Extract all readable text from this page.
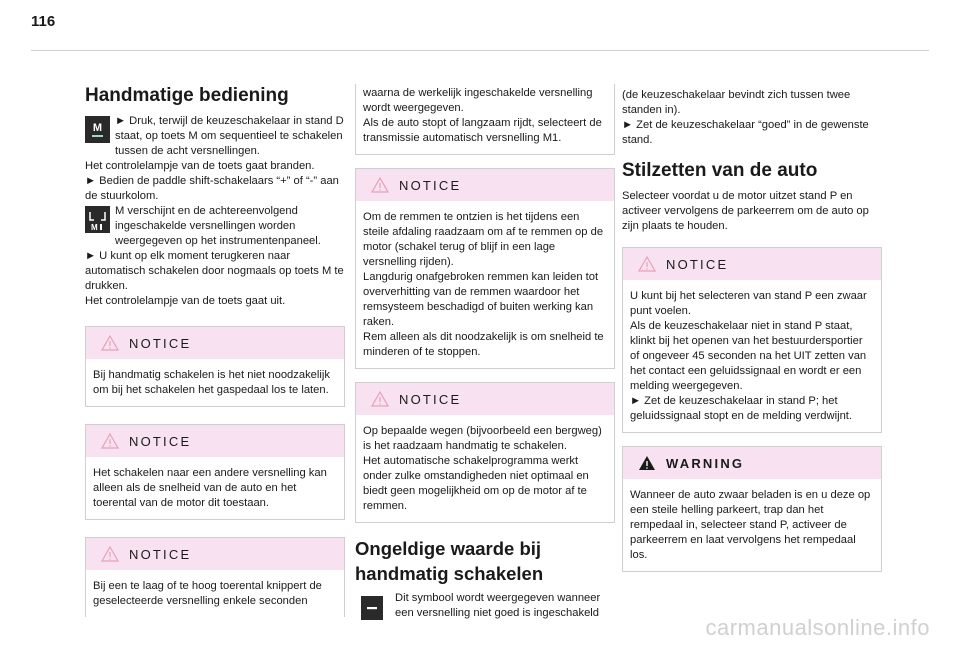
116
Handmatige bediening
M

► Druk, terwijl de keuzeschakelaar in stand D staat, op toets M om sequentieel te schakelen tussen de acht versnellingen.

Het controlelampje van de toets gaat branden.

► Bedien de paddle shift-schakelaars “+” of “-” aan de stuurkolom.

M

M verschijnt en de achtereenvolgend ingeschakelde versnellingen worden weergegeven op het instrumentenpaneel.

► U kunt op elk moment terugkeren naar automatisch schakelen door nogmaals op toets M te drukken.

Het controlelampje van de toets gaat uit.

NOTICE

Bij handmatig schakelen is het niet noodzakelijk om bij het schakelen het gaspedaal los te laten.

NOTICE

Het schakelen naar een andere versnelling kan alleen als de snelheid van de auto en het toerental van de motor dit toestaan.

NOTICE

Bij een te laag of te hoog toerental knippert de geselecteerde versnelling enkele seconden

waarna de werkelijk ingeschakelde versnelling wordt weergegeven.

Als de auto stopt of langzaam rijdt, selecteert de transmissie automatisch versnelling M1.

NOTICE

Om de remmen te ontzien is het tijdens een steile afdaling raadzaam om af te remmen op de motor (schakel terug of blijf in een lage versnelling rijden).

Langdurig onafgebroken remmen kan leiden tot oververhitting van de remmen waardoor het remsysteem beschadigd of buiten werking kan raken.

Rem alleen als dit noodzakelijk is om snelheid te minderen of te stoppen.

NOTICE

Op bepaalde wegen (bijvoorbeeld een bergweg) is het raadzaam handmatig te schakelen.

Het automatische schakelprogramma werkt onder zulke omstandigheden niet optimaal en biedt geen mogelijkheid om op de motor af te remmen.

Ongeldige waarde bij handmatig schakelen

Dit symbool wordt weergegeven wanneer een versnelling niet goed is ingeschakeld

(de keuzeschakelaar bevindt zich tussen twee standen in).

► Zet de keuzeschakelaar “goed” in de gewenste stand.

Stilzetten van de auto

Selecteer voordat u de motor uitzet stand P en activeer vervolgens de parkeerrem om de auto op zijn plaats te houden.

NOTICE

U kunt bij het selecteren van stand P een zwaar punt voelen.

Als de keuzeschakelaar niet in stand P staat, klinkt bij het openen van het bestuurdersportier of ongeveer 45 seconden na het UIT zetten van het contact een geluidssignaal en wordt er een melding weergegeven.

► Zet de keuzeschakelaar in stand P; het geluidssignaal stopt en de melding verdwijnt.

WARNING

Wanneer de auto zwaar beladen is en u deze op een steile helling parkeert, trap dan het rempedaal in, selecteer stand P, activeer de parkeerrem en laat vervolgens het rempedaal los.

carmanualsonline.info
